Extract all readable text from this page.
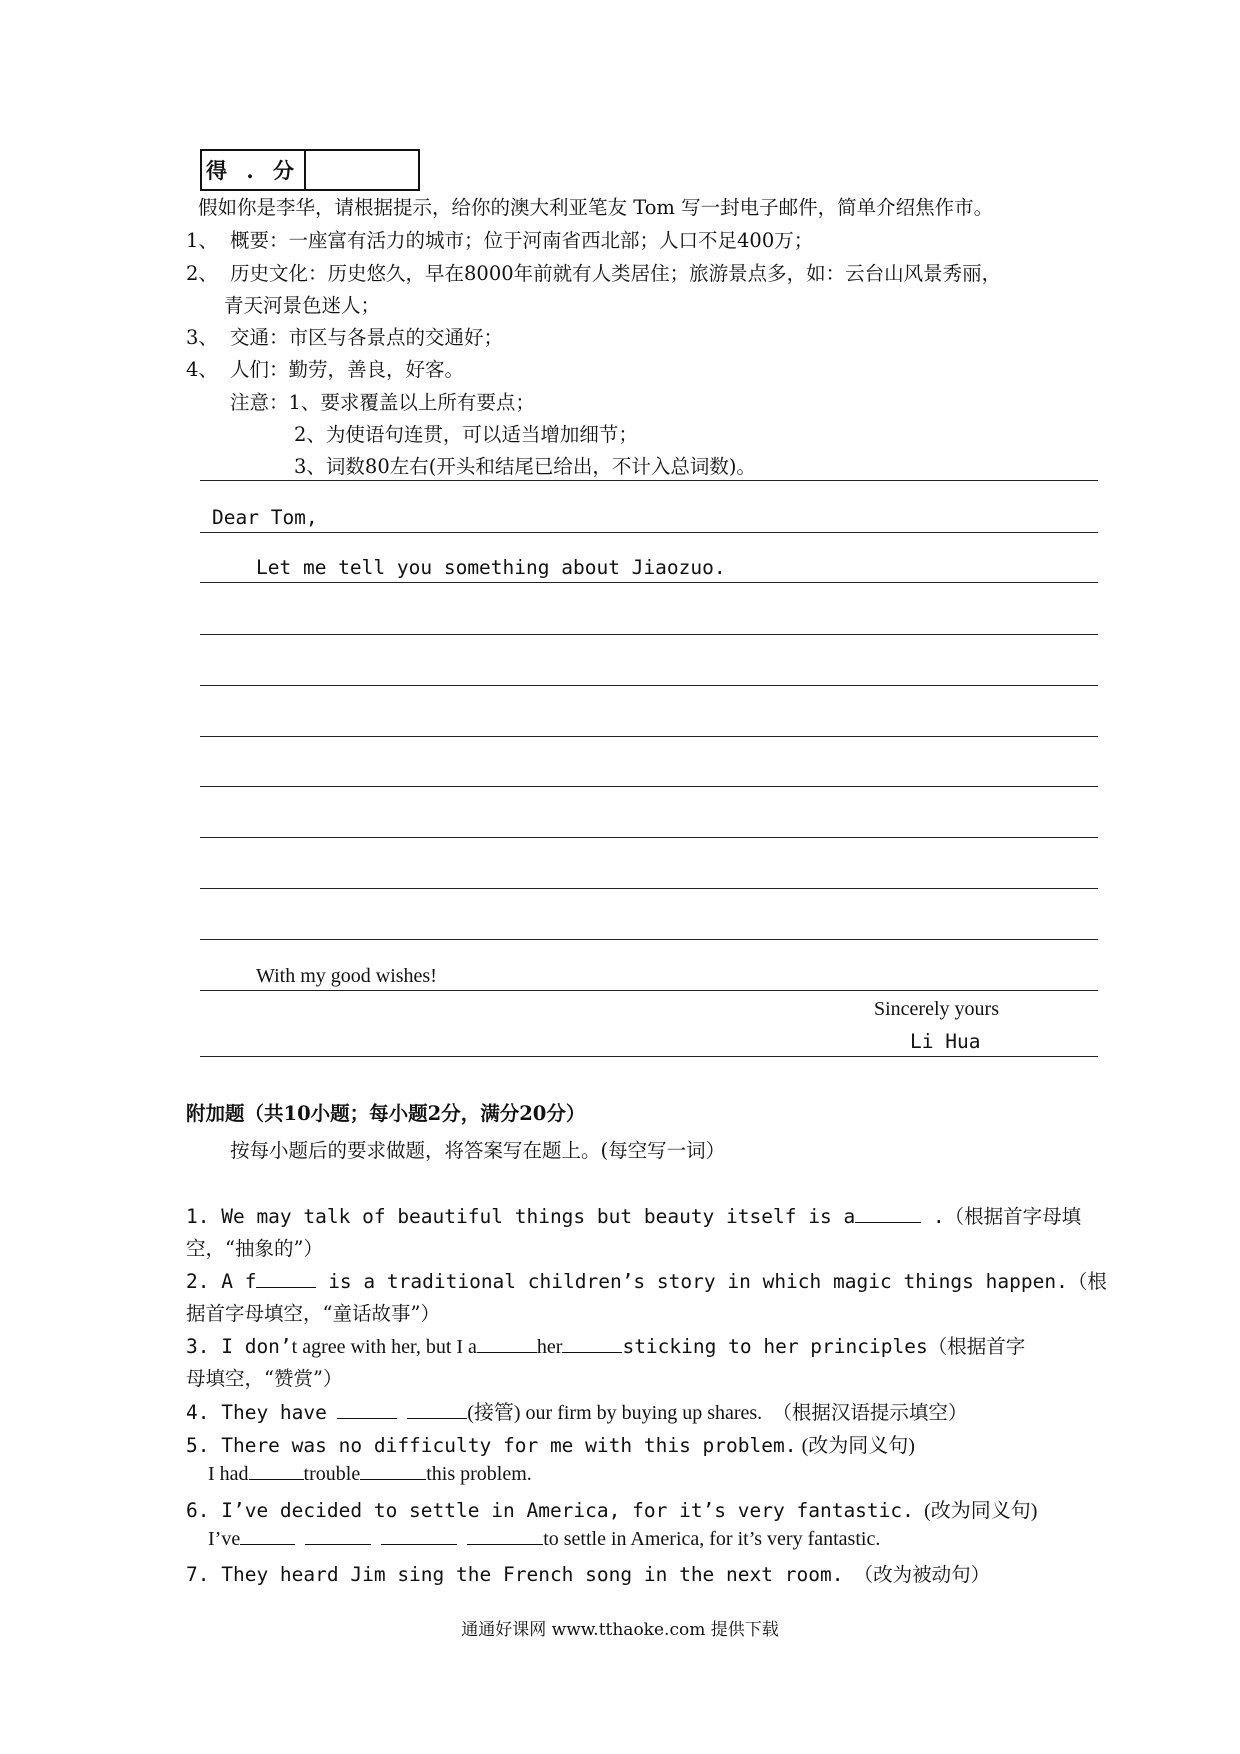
得 . 分
假如你是李华，请根据提示，给你的澳大利亚笔友 Tom 写一封电子邮件，简单介绍焦作市。
1、 概要：一座富有活力的城市；位于河南省西北部；人口不足400万；
2、 历史文化：历史悠久，早在8000年前就有人类居住；旅游景点多，如：云台山风景秀丽，
青天河景色迷人；
3、 交通：市区与各景点的交通好；
4、 人们：勤劳，善良，好客。
注意：1、要求覆盖以上所有要点；
2、为使语句连贯，可以适当增加细节；
3、词数80左右(开头和结尾已给出，不计入总词数)。
Dear Tom,
Let me tell you something about Jiaozuo.
With my good wishes!
Sincerely yours
Li Hua
附加题（共10小题；每小题2分，满分20分）
按每小题后的要求做题，将答案写在题上。(每空写一词）
1. We may talk of beautiful things but beauty itself is a	.（根据首字母填
空，“抽象的”）
2. A f	is a traditional children’s story in which magic things happen.（根
据首字母填空，“童话故事”）
3. I don’t agree with her, but I a	her	sticking to her principles（根据首字
母填空，“赞赏”）
4. They have	(接管) our firm by buying up shares. （根据汉语提示填空）
5. There was no difficulty for me with this problem. (改为同义句)
I had	trouble	this problem.
6. I’ve decided to settle in America, for it’s very fantastic. (改为同义句)
I’ve	to settle in America, for it’s very fantastic.
7. They heard Jim sing the French song in the next room. （改为被动句）
通通好课网 www.tthaoke.com 提供下载
